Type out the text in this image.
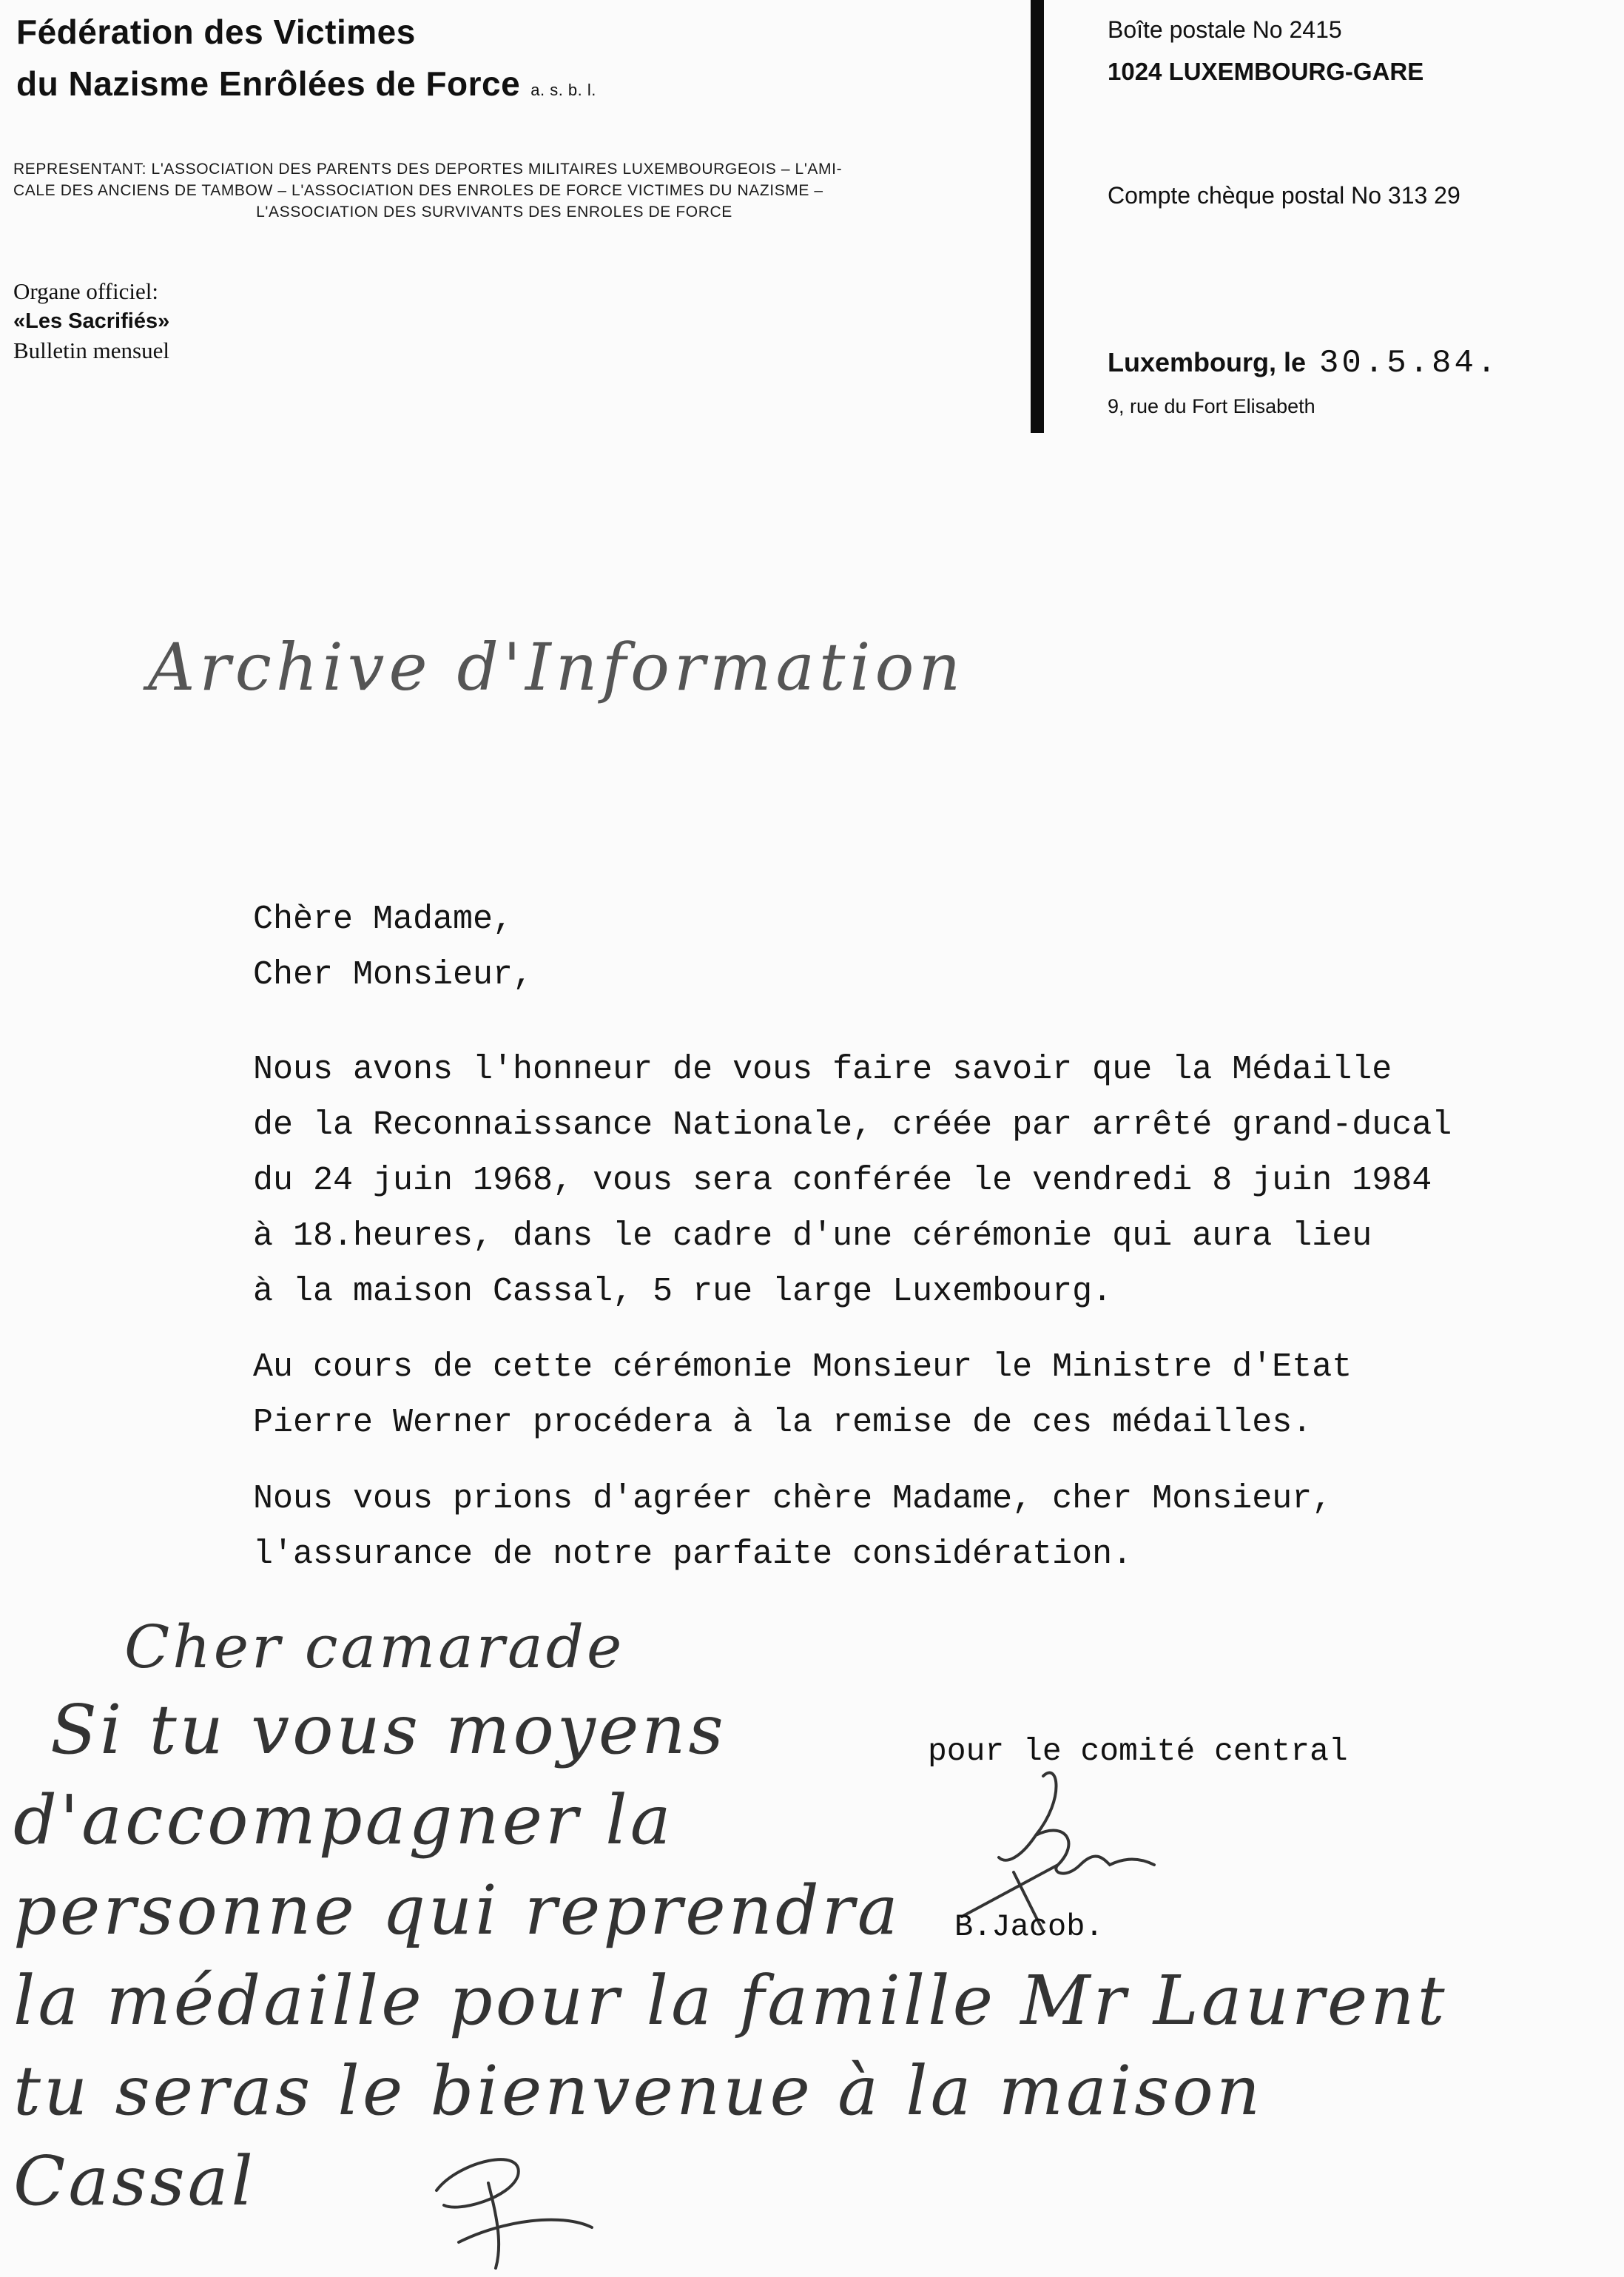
Fédération des Victimes
du Nazisme Enrôlées de Force a. s. b. l.
REPRESENTANT: L'ASSOCIATION DES PARENTS DES DEPORTES MILITAIRES LUXEMBOURGEOIS – L'AMI-
CALE DES ANCIENS DE TAMBOW – L'ASSOCIATION DES ENROLES DE FORCE VICTIMES DU NAZISME –
L'ASSOCIATION DES SURVIVANTS DES ENROLES DE FORCE
Organe officiel:
«Les Sacrifiés»
Bulletin mensuel
Boîte postale No 2415
1024 LUXEMBOURG-GARE
Compte chèque postal No 313 29
Luxembourg, le 30.5.84.
9, rue du Fort Elisabeth
Archive d'Information
Chère Madame,
Cher Monsieur,
Nous avons l'honneur de vous faire savoir que la Médaille
de la Reconnaissance Nationale, créée par arrêté grand-ducal
du 24 juin 1968, vous sera conférée le vendredi 8 juin 1984
à 18.heures, dans le cadre d'une cérémonie qui aura lieu
à la maison Cassal, 5 rue large Luxembourg.
Au cours de cette cérémonie Monsieur le Ministre d'Etat
Pierre Werner procédera à la remise de ces médailles.
Nous vous prions d'agréer chère Madame, cher Monsieur,
l'assurance de notre parfaite considération.
pour le comité central
B.Jacob.
Cher camarade
Si tu vous moyens
d'accompagner la
personne qui reprendra
la médaille pour la famille Mr Laurent
tu seras le bienvenue à la maison
Cassal
